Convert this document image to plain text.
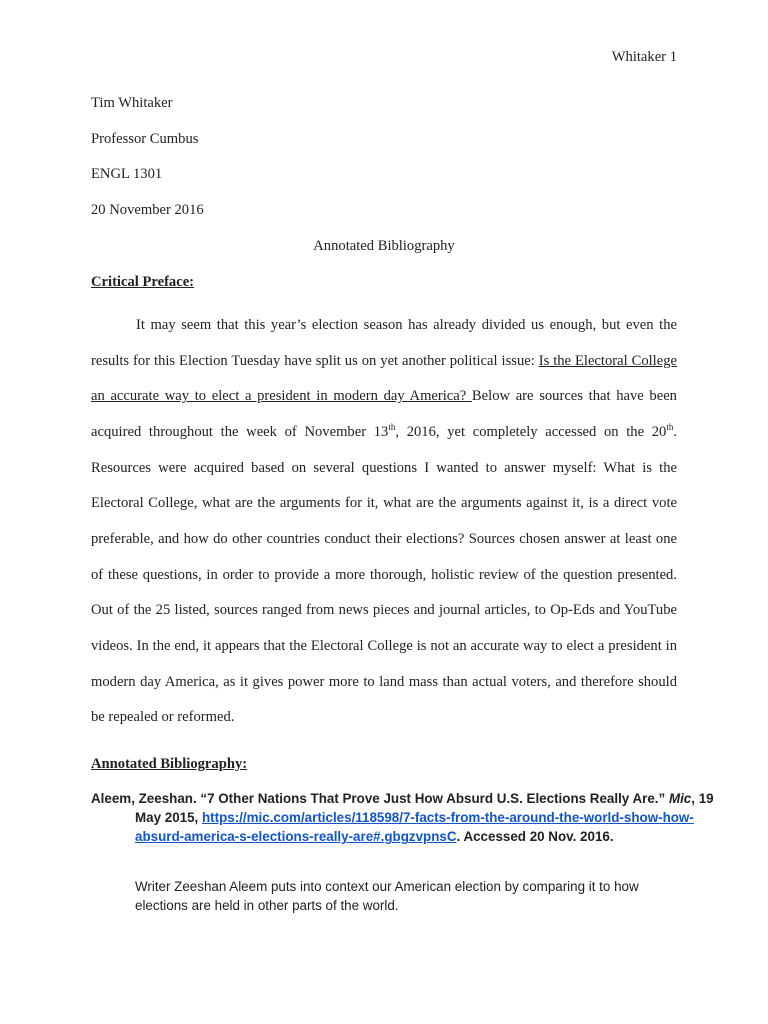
Whitaker 1
Tim Whitaker
Professor Cumbus
ENGL 1301
20 November 2016
Annotated Bibliography
Critical Preface:

It may seem that this year’s election season has already divided us enough, but even the results for this Election Tuesday have split us on yet another political issue: Is the Electoral College an accurate way to elect a president in modern day America? Below are sources that have been acquired throughout the week of November 13th, 2016, yet completely accessed on the 20th. Resources were acquired based on several questions I wanted to answer myself: What is the Electoral College, what are the arguments for it, what are the arguments against it, is a direct vote preferable, and how do other countries conduct their elections? Sources chosen answer at least one of these questions, in order to provide a more thorough, holistic review of the question presented. Out of the 25 listed, sources ranged from news pieces and journal articles, to Op-Eds and YouTube videos. In the end, it appears that the Electoral College is not an accurate way to elect a president in modern day America, as it gives power more to land mass than actual voters, and therefore should be repealed or reformed.

Annotated Bibliography:

Aleem, Zeeshan. “7 Other Nations That Prove Just How Absurd U.S. Elections Really Are.” Mic, 19 May 2015, https://mic.com/articles/118598/7-facts-from-the-around-the-world-show-how-absurd-america-s-elections-really-are#.gbgzvpnsC. Accessed 20 Nov. 2016.

Writer Zeeshan Aleem puts into context our American election by comparing it to how elections are held in other parts of the world.
